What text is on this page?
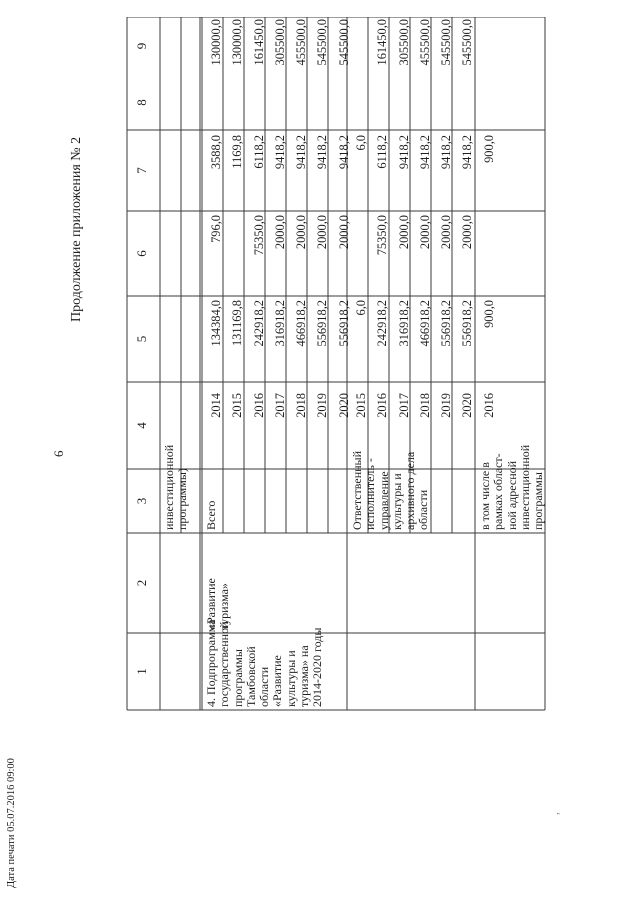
6
Продолжение приложения № 2
1
2
3
4
5
6
7
8
9
4. Подпрограмма
государственной
программы
Тамбовской
области
«Развитие
культуры и
туризма» на
2014-2020 годы
«Развитие
туризма»
инвестиционной
программы) Всего
2014 2015 2016 2017 2018 2019 2020
134384,0 131169,8 242918,2 316918,2 466918,2 556918,2 556918,2
796,0	75350,0 2000,0 2000,0 2000,0 2000,0
3588,0 1169,8 6118,2 9418,2 9418,2 9418,2 9418,2
130000,0 130000,0 161450,0 305500,0 455500,0 545500,0 545500,0
Ответственный
исполнитель -
управление
культуры и
архивного дела
области
2015 2016 2017 2018 2019 2020
6,0 242918,2 316918,2 466918,2 556918,2 556918,2
75350,0 2000,0 2000,0 2000,0 2000,0
6,0 6118,2 9418,2 9418,2 9418,2 9418,2
161450,0 305500,0 455500,0 545500,0 545500,0
в том числе в
рамках област-
ной адресной
инвестиционной
программы
2016
900,0
900,0
,
Дата печати 05.07.2016 09:00
